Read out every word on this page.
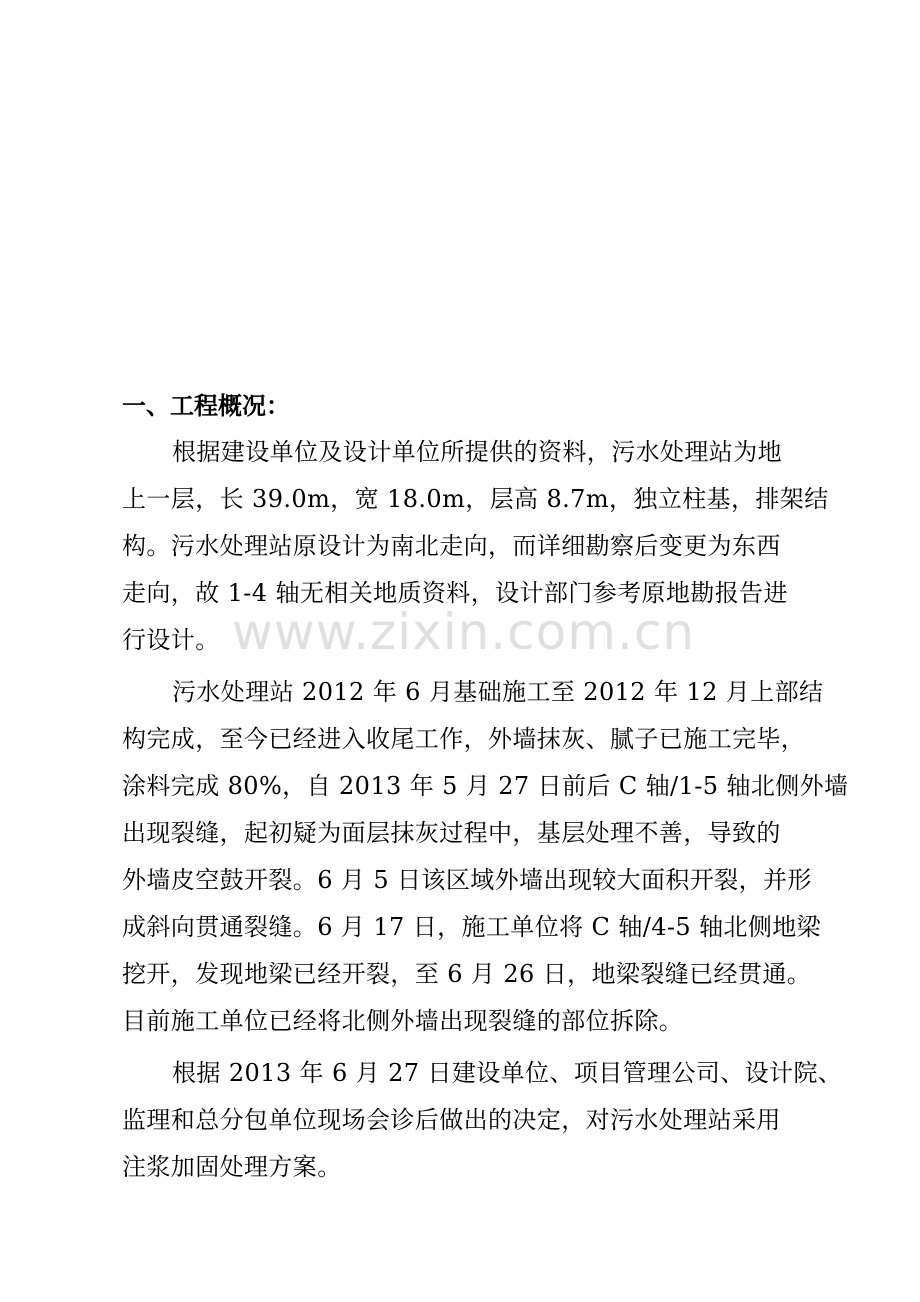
一、工程概况：
根据建设单位及设计单位所提供的资料，污水处理站为地
上一层，长 39.0m，宽 18.0m，层高 8.7m，独立柱基，排架结
构。污水处理站原设计为南北走向，而详细勘察后变更为东西
走向，故 1-4 轴无相关地质资料，设计部门参考原地勘报告进
行设计。
污水处理站 2012 年 6 月基础施工至 2012 年 12 月上部结
构完成，至今已经进入收尾工作，外墙抹灰、腻子已施工完毕，
涂料完成 80%，自 2013 年 5 月 27 日前后 C 轴/1-5 轴北侧外墙
出现裂缝，起初疑为面层抹灰过程中，基层处理不善，导致的
外墙皮空鼓开裂。6 月 5 日该区域外墙出现较大面积开裂，并形
成斜向贯通裂缝。6 月 17 日，施工单位将 C 轴/4-5 轴北侧地梁
挖开，发现地梁已经开裂，至 6 月 26 日，地梁裂缝已经贯通。
目前施工单位已经将北侧外墙出现裂缝的部位拆除。
根据 2013 年 6 月 27 日建设单位、项目管理公司、设计院、
监理和总分包单位现场会诊后做出的决定，对污水处理站采用
注浆加固处理方案。
www.zixin.com.cn
